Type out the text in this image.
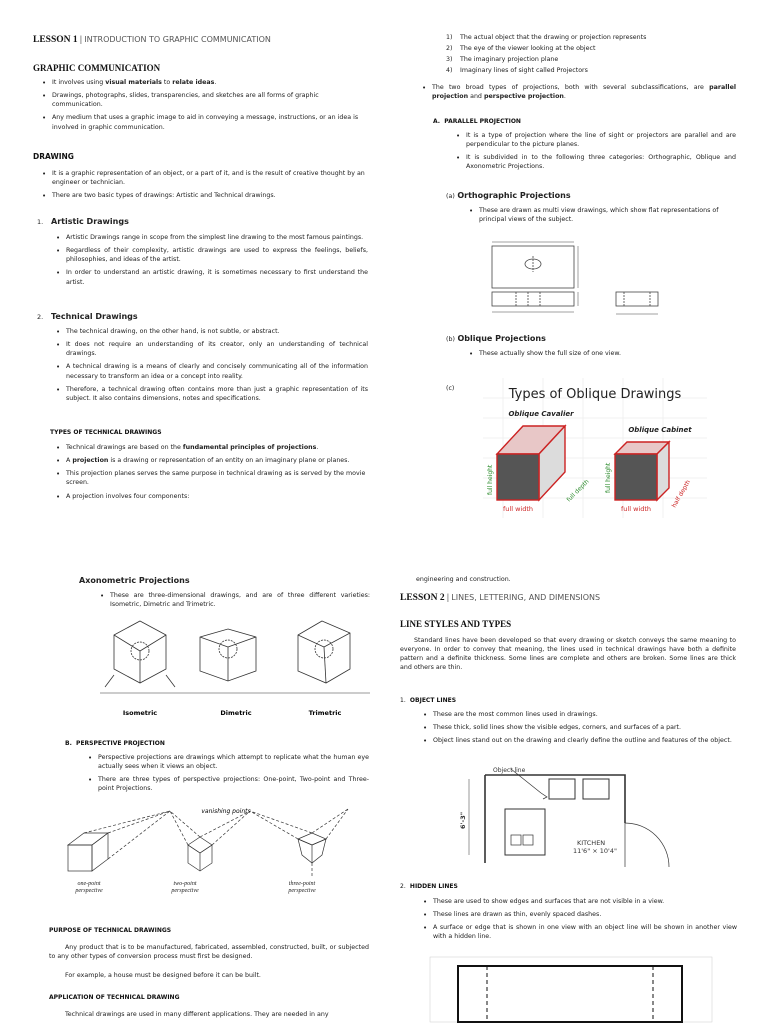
LESSON 1 | INTRODUCTION TO GRAPHIC COMMUNICATION
GRAPHIC COMMUNICATION
• It involves using visual materials to relate ideas.
• Drawings, photographs, slides, transparencies, and sketches are all forms of graphic communication.
• Any medium that uses a graphic image to aid in conveying a message, instructions, or an idea is involved in graphic communication.
DRAWING
• It is a graphic representation of an object, or a part of it, and is the result of creative thought by an engineer or technician.
• There are two basic types of drawings: Artistic and Technical drawings.
1. Artistic Drawings
• Artistic Drawings range in scope from the simplest line drawing to the most famous paintings.
• Regardless of their complexity, artistic drawings are used to express the feelings, beliefs, philosophies, and ideas of the artist.
• In order to understand an artistic drawing, it is sometimes necessary to first understand the artist.
2. Technical Drawings
• The technical drawing, on the other hand, is not subtle, or abstract.
• It does not require an understanding of its creator, only an understanding of technical drawings.
• A technical drawing is a means of clearly and concisely communicating all of the information necessary to transform an idea or a concept into reality.
• Therefore, a technical drawing often contains more than just a graphic representation of its subject. It also contains dimensions, notes and specifications.
TYPES OF TECHNICAL DRAWINGS
• Technical drawings are based on the fundamental principles of projections.
• A projection is a drawing or representation of an entity on an imaginary plane or planes.
• This projection planes serves the same purpose in technical drawing as is served by the movie screen.
• A projection involves four components:
1) The actual object that the drawing or projection represents
2) The eye of the viewer looking at the object
3) The imaginary projection plane
4) Imaginary lines of sight called Projectors
• The two broad types of projections, both with several subclassifications, are parallel projection and perspective projection.
A. PARALLEL PROJECTION
• It is a type of projection where the line of sight or projectors are parallel and are perpendicular to the picture planes.
• It is subdivided in to the following three categories: Orthographic, Oblique and Axonometric Projections.
(a) Orthographic Projections
• These are drawn as multi view drawings, which show flat representations of principal views of the subject.
(b) Oblique Projections
• These actually show the full size of one view.
(c)	Types of Oblique Drawings
Oblique Cavalier
Oblique Cabinet
full height	full depth
full width
full height
half depth
full width
Axonometric Projections
• These are three-dimensional drawings, and are of three different varieties: Isometric, Dimetric and Trimetric.
Isometric	Dimetric	Trimetric
B. PERSPECTIVE PROJECTION
• Perspective projections are drawings which attempt to replicate what the human eye actually sees when it views an object.
• There are three types of perspective projections: One-point, Two-point and Three-point Projections.
vanishing points
one-point perspective
two-point perspective
three-point perspective
PURPOSE OF TECHNICAL DRAWINGS

Any product that is to be manufactured, fabricated, assembled, constructed, built, or subjected to any other types of conversion process must first be designed.

For example, a house must be designed before it can be built.

APPLICATION OF TECHNICAL DRAWING

Technical drawings are used in many different applications. They are needed in any

engineering and construction.
LESSON 2 | LINES, LETTERING, AND DIMENSIONS
LINE STYLES AND TYPES

Standard lines have been developed so that every drawing or sketch conveys the same meaning to everyone. In order to convey that meaning, the lines used in technical drawings have both a definite pattern and a definite thickness. Some lines are complete and others are broken. Some lines are thick and others are thin.

1. OBJECT LINES
• These are the most common lines used in drawings.
• These thick, solid lines show the visible edges, corners, and surfaces of a part.
• Object lines stand out on the drawing and clearly define the outline and features of the object.
Object line
KITCHEN
11'6" × 10'4"
6'-3"
2. HIDDEN LINES
• These are used to show edges and surfaces that are not visible in a view.
• These lines are drawn as thin, evenly spaced dashes.
• A surface or edge that is shown in one view with an object line will be shown in another view with a hidden line.
